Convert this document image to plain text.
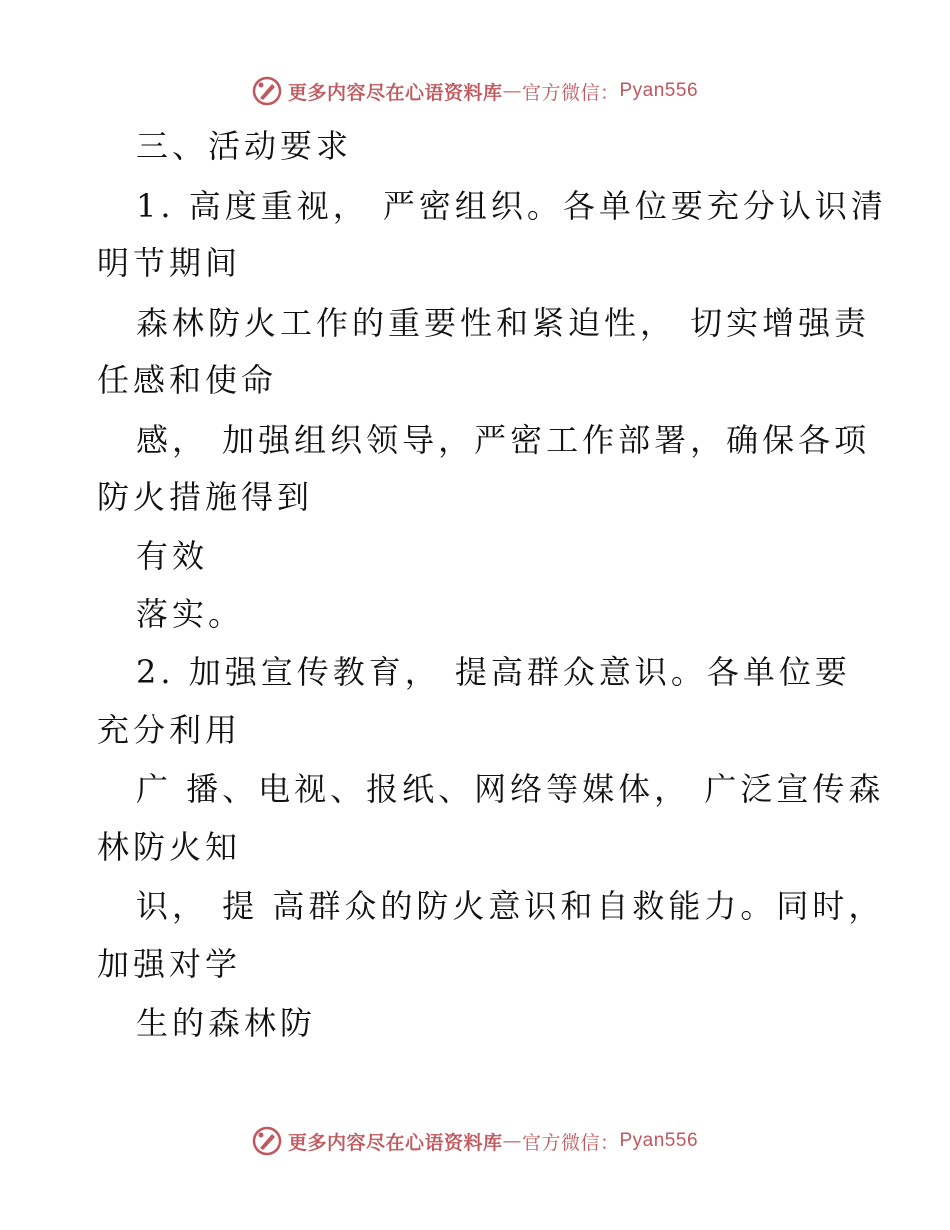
更多内容尽在心语资料库 — 官方微信： Pyan556
三、活动要求
1. 高度重视， 严密组织。各单位要充分认识清
明节期间
森林防火工作的重要性和紧迫性， 切实增强责
任感和使命
感， 加强组织领导，严密工作部署，确保各项
防火措施得到
有效
落实。
2. 加强宣传教育， 提高群众意识。各单位要
充分利用
广 播、电视、报纸、网络等媒体， 广泛宣传森
林防火知
识， 提 高群众的防火意识和自救能力。同时，
加强对学
生的森林防
更多内容尽在心语资料库 — 官方微信： Pyan556
